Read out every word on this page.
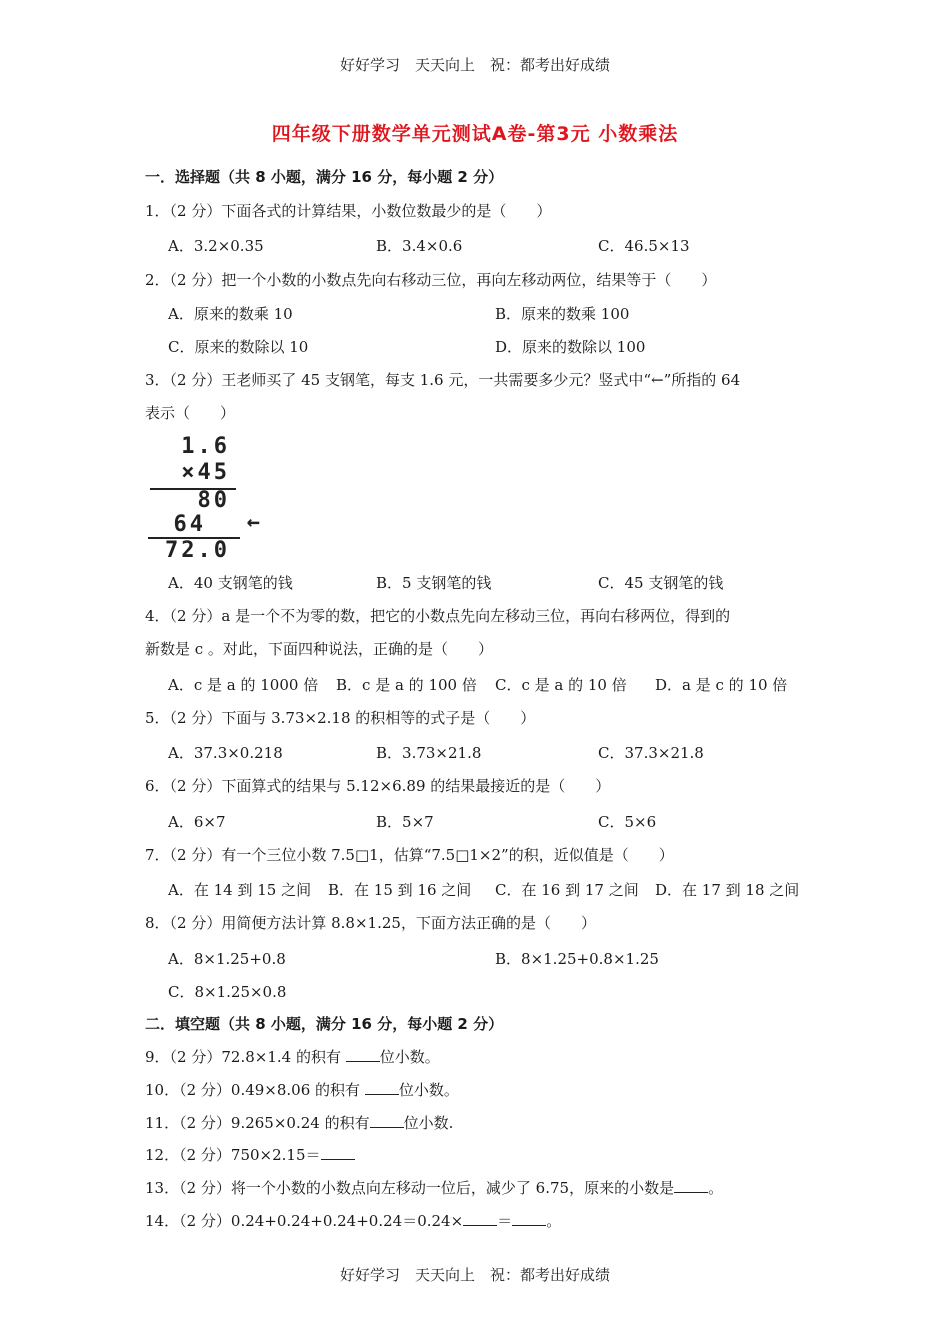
好好学习　天天向上　祝：都考出好成绩
四年级下册数学单元测试A卷-第3元 小数乘法
一．选择题（共 8 小题，满分 16 分，每小题 2 分）
1．（2 分）下面各式的计算结果，小数位数最少的是（　　）
A．3.2×0.35	B．3.4×0.6	C．46.5×13
2．（2 分）把一个小数的小数点先向右移动三位，再向左移动两位，结果等于（　　）
A．原来的数乘 10	B．原来的数乘 100
C．原来的数除以 10	D．原来的数除以 100
3．（2 分）王老师买了 45 支钢笔，每支 1.6 元，一共需要多少元？竖式中“←”所指的 64
表示（　　）
1.6
×45
80
64 ←
72.0
A．40 支钢笔的钱	B．5 支钢笔的钱	C．45 支钢笔的钱
4．（2 分）a 是一个不为零的数，把它的小数点先向左移动三位，再向右移两位，得到的
新数是 c 。对此，下面四种说法，正确的是（　　）
A．c 是 a 的 1000 倍 B．c 是 a 的 100 倍 C．c 是 a 的 10 倍 D．a 是 c 的 10 倍
5．（2 分）下面与 3.73×2.18 的积相等的式子是（　　）
A．37.3×0.218	B．3.73×21.8	C．37.3×21.8
6．（2 分）下面算式的结果与 5.12×6.89 的结果最接近的是（　　）
A．6×7	B．5×7	C．5×6
7．（2 分）有一个三位小数 7.5□1，估算“7.5□1×2”的积，近似值是（　　）
A．在 14 到 15 之间 B．在 15 到 16 之间 C．在 16 到 17 之间 D．在 17 到 18 之间
8．（2 分）用简便方法计算 8.8×1.25，下面方法正确的是（　　）
A．8×1.25+0.8	B．8×1.25+0.8×1.25
C．8×1.25×0.8
二．填空题（共 8 小题，满分 16 分，每小题 2 分）
9．（2 分）72.8×1.4 的积有 位小数。
10．（2 分）0.49×8.06 的积有 位小数。
11．（2 分）9.265×0.24 的积有 位小数.
12．（2 分）750×2.15＝
13．（2 分）将一个小数的小数点向左移动一位后，减少了 6.75，原来的小数是 。
14．（2 分）0.24+0.24+0.24+0.24＝0.24× ＝ 。
好好学习　天天向上　祝：都考出好成绩
